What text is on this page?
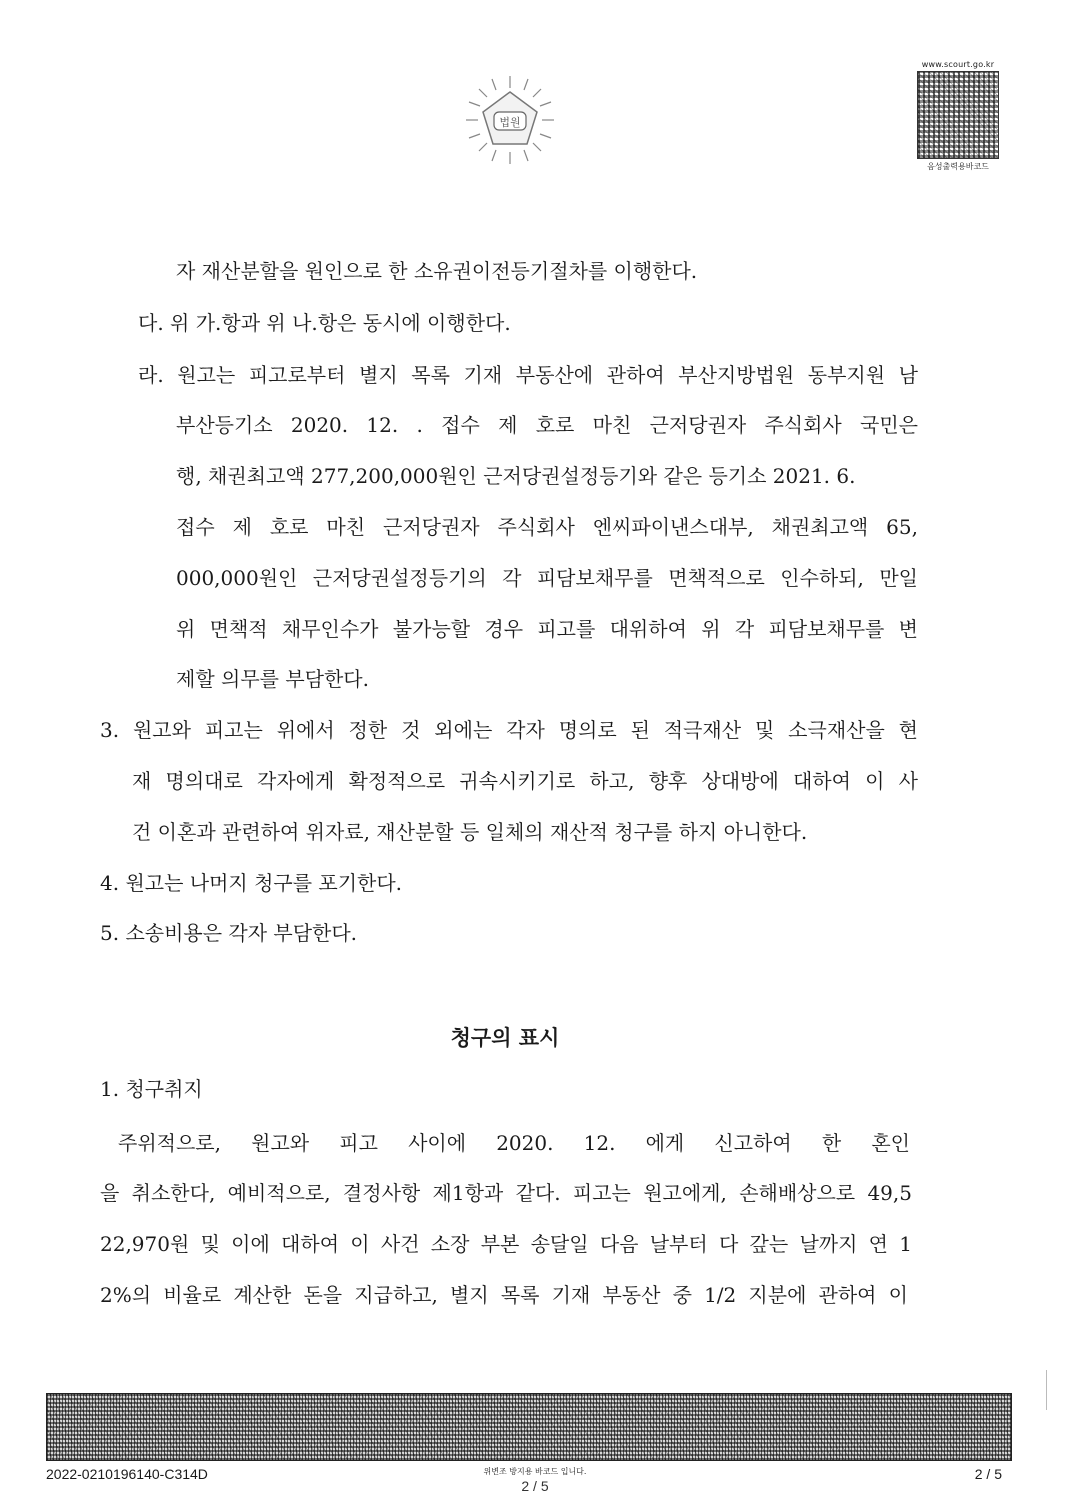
법원
www.scourt.go.kr
음성출력용바코드
자 재산분할을 원인으로 한 소유권이전등기절차를 이행한다.
다. 위 가.항과 위 나.항은 동시에 이행한다.
라. 원고는 피고로부터 별지 목록 기재 부동산에 관하여 부산지방법원 동부지원 남
부산등기소 2020. 12. . 접수 제 호로 마친 근저당권자 주식회사 국민은
행, 채권최고액 277,200,000원인 근저당권설정등기와 같은 등기소 2021. 6.
접수 제 호로 마친 근저당권자 주식회사 엔씨파이낸스대부, 채권최고액 65,
000,000원인 근저당권설정등기의 각 피담보채무를 면책적으로 인수하되, 만일
위 면책적 채무인수가 불가능할 경우 피고를 대위하여 위 각 피담보채무를 변
제할 의무를 부담한다.
3. 원고와 피고는 위에서 정한 것 외에는 각자 명의로 된 적극재산 및 소극재산을 현
재 명의대로 각자에게 확정적으로 귀속시키기로 하고, 향후 상대방에 대하여 이 사
건 이혼과 관련하여 위자료, 재산분할 등 일체의 재산적 청구를 하지 아니한다.
4. 원고는 나머지 청구를 포기한다.
5. 소송비용은 각자 부담한다.
청구의 표시
1. 청구취지
주위적으로, 원고와 피고 사이에 2020. 12. 에게 신고하여 한 혼인
을 취소한다, 예비적으로, 결정사항 제1항과 같다. 피고는 원고에게, 손해배상으로 49,5
22,970원 및 이에 대하여 이 사건 소장 부본 송달일 다음 날부터 다 갚는 날까지 연 1
2%의 비율로 계산한 돈을 지급하고, 별지 목록 기재 부동산 중 1/2 지분에 관하여 이
2022-0210196140-C314D	위변조 방지용 바코드 입니다.
2 / 5
2 / 5
